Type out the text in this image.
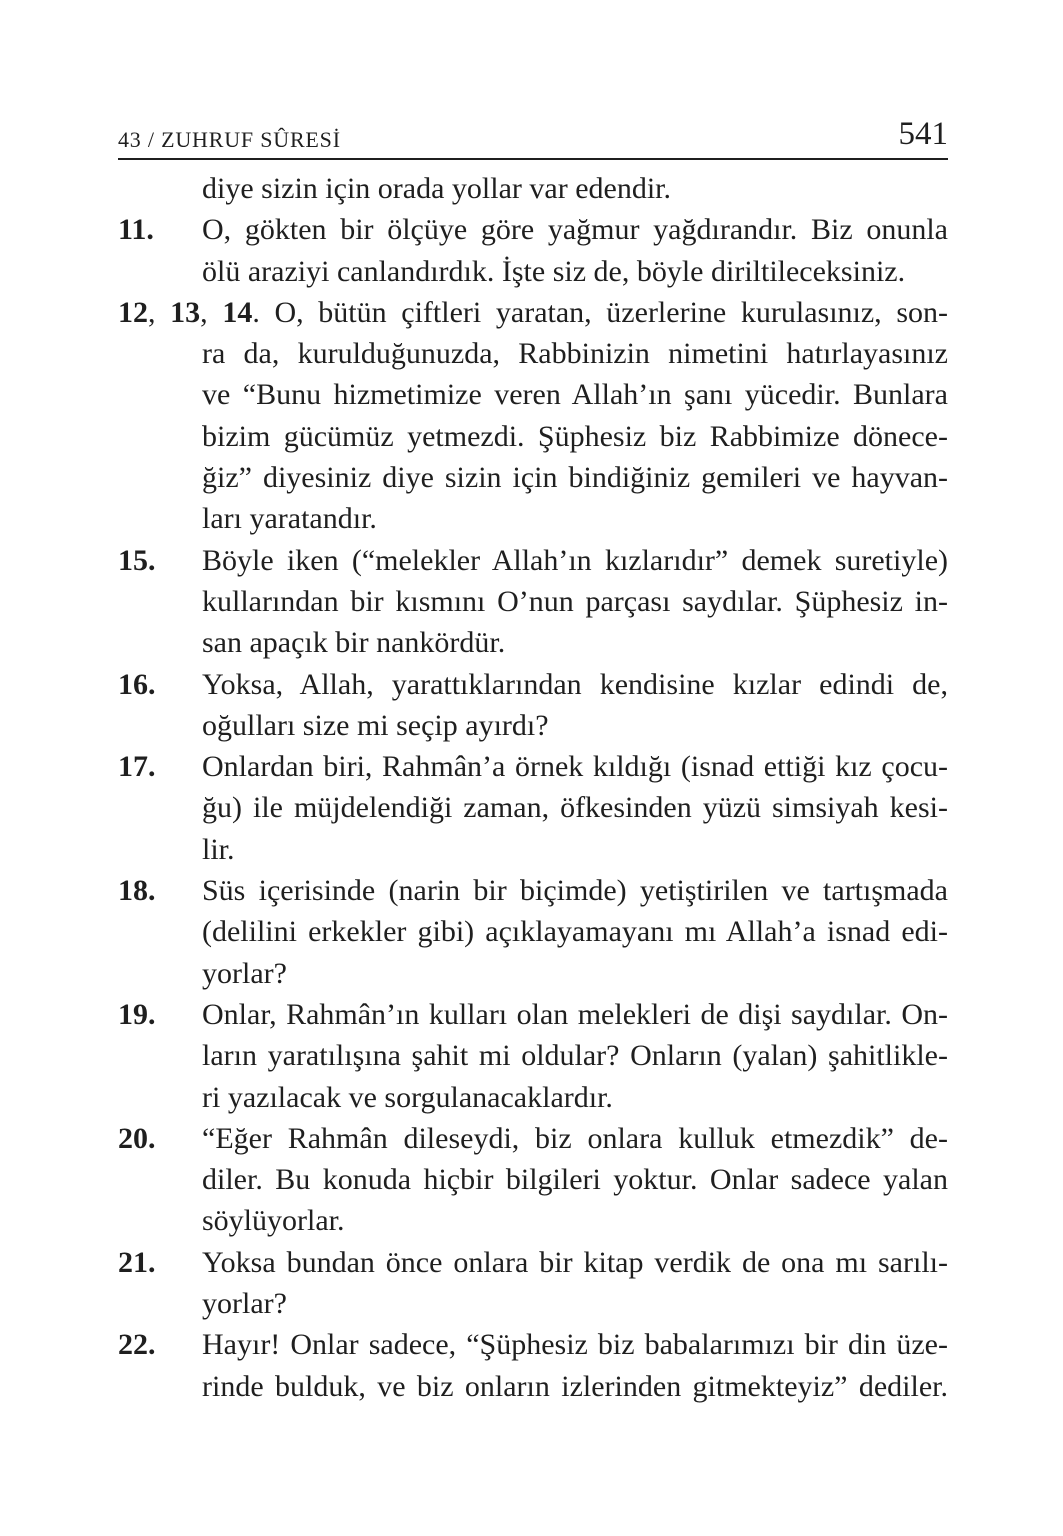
43 / ZUHRUF SÛRESİ	541
diye sizin için orada yollar var edendir.
11. O, gökten bir ölçüye göre yağmur yağdırandır. Biz onunla
ölü araziyi canlandırdık. İşte siz de, böyle diriltileceksiniz.
12, 13, 14. O, bütün çiftleri yaratan, üzerlerine kurulasınız, son-
ra da, kurulduğunuzda, Rabbinizin nimetini hatırlayasınız
ve “Bunu hizmetimize veren Allah’ın şanı yücedir. Bunlara
bizim gücümüz yetmezdi. Şüphesiz biz Rabbimize dönece-
ğiz” diyesiniz diye sizin için bindiğiniz gemileri ve hayvan-
ları yaratandır.
15. Böyle iken (“melekler Allah’ın kızlarıdır” demek suretiyle)
kullarından bir kısmını O’nun parçası saydılar. Şüphesiz in-
san apaçık bir nankördür.
16. Yoksa, Allah, yarattıklarından kendisine kızlar edindi de,
oğulları size mi seçip ayırdı?
17. Onlardan biri, Rahmân’a örnek kıldığı (isnad ettiği kız çocu-
ğu) ile müjdelendiği zaman, öfkesinden yüzü simsiyah kesi-
lir.
18. Süs içerisinde (narin bir biçimde) yetiştirilen ve tartışmada
(delilini erkekler gibi) açıklayamayanı mı Allah’a isnad edi-
yorlar?
19. Onlar, Rahmân’ın kulları olan melekleri de dişi saydılar. On-
ların yaratılışına şahit mi oldular? Onların (yalan) şahitlikle-
ri yazılacak ve sorgulanacaklardır.
20. “Eğer Rahmân dileseydi, biz onlara kulluk etmezdik” de-
diler. Bu konuda hiçbir bilgileri yoktur. Onlar sadece yalan
söylüyorlar.
21. Yoksa bundan önce onlara bir kitap verdik de ona mı sarılı-
yorlar?
22. Hayır! Onlar sadece, “Şüphesiz biz babalarımızı bir din üze-
rinde bulduk, ve biz onların izlerinden gitmekteyiz” dediler.
